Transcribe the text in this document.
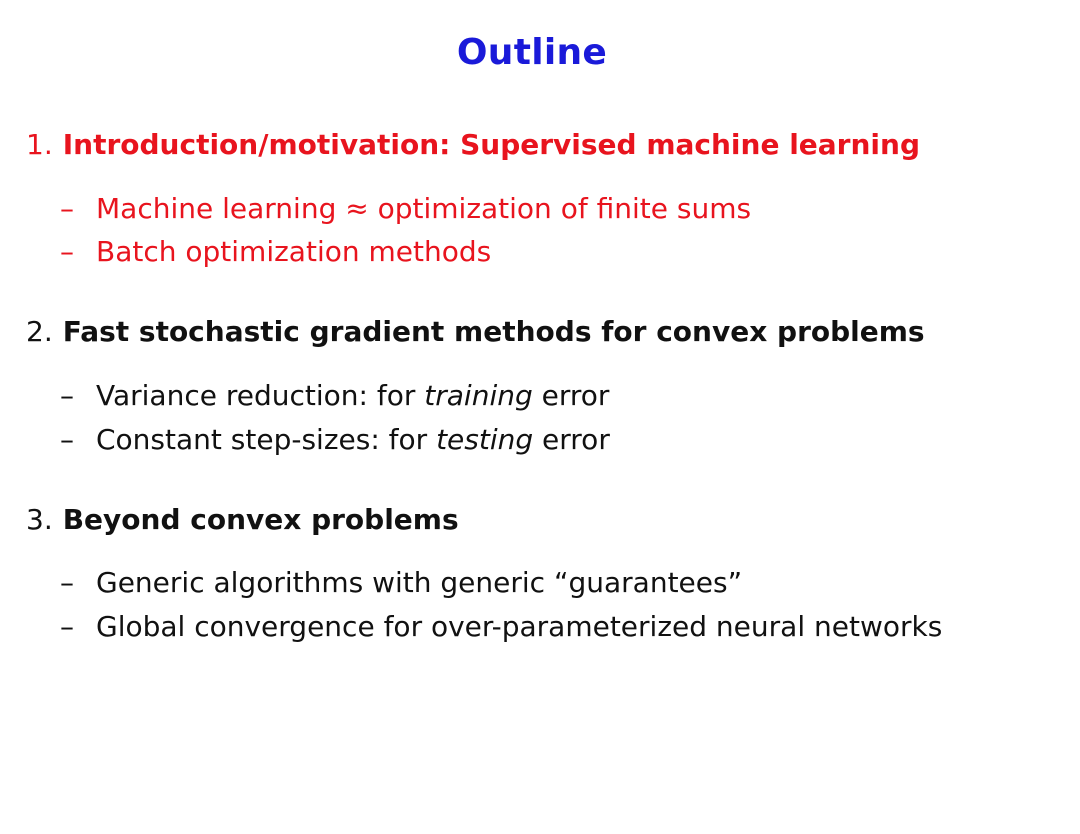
Outline
1. Introduction/motivation: Supervised machine learning
– Machine learning ≈ optimization of finite sums
– Batch optimization methods
2. Fast stochastic gradient methods for convex problems
– Variance reduction: for training error
– Constant step-sizes: for testing error
3. Beyond convex problems
– Generic algorithms with generic “guarantees”
– Global convergence for over-parameterized neural networks
